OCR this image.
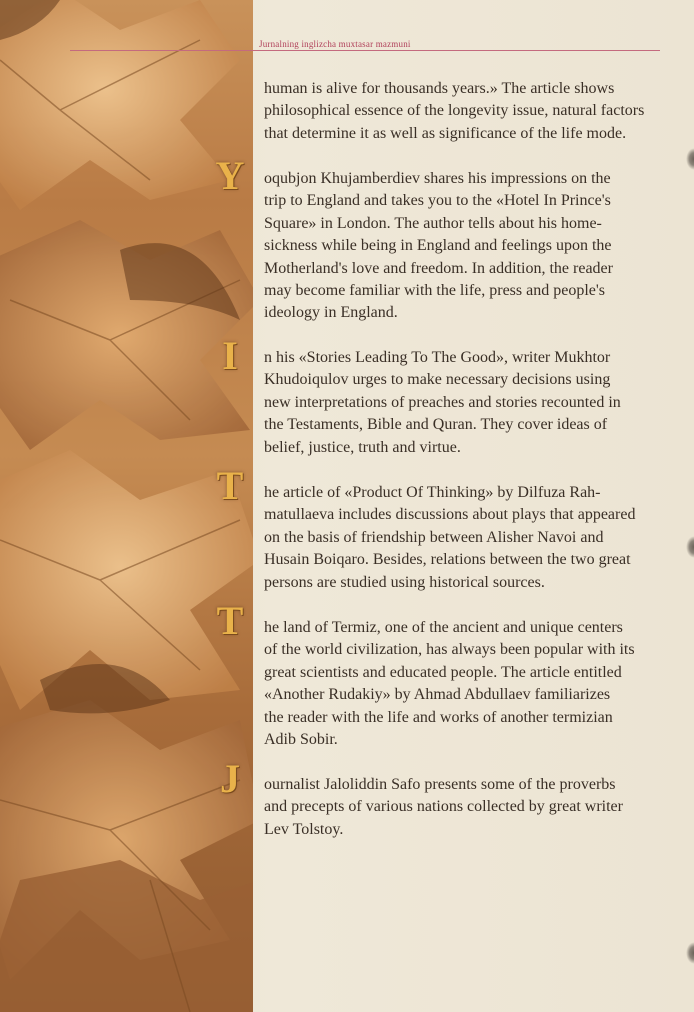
Jurnalning inglizcha muxtasar mazmuni
Y
I
T
T
J

human is alive for thousands years.» The article shows

philosophical essence of the longevity issue, natural factors

that determine it as well as significance of the life mode.

oqubjon Khujamberdiev shares his impressions on the

trip to England and takes you to the «Hotel In Prince's

Square» in London. The author tells about his home-

sickness while being in England and feelings upon the

Motherland's love and freedom. In addition, the reader

may become familiar with the life, press and people's

ideology in England.

n his «Stories Leading To The Good», writer Mukhtor

Khudoiqulov urges to make necessary decisions using

new interpretations of preaches and stories recounted in

the Testaments, Bible and Quran. They cover ideas of

belief, justice, truth and virtue.

he article of «Product Of Thinking» by Dilfuza Rah-

matullaeva includes discussions about plays that appeared

on the basis of friendship between Alisher Navoi and

Husain Boiqaro. Besides, relations between the two great

persons are studied using historical sources.

he land of Termiz, one of the ancient and unique centers

of the world civilization, has always been popular with its

great scientists and educated people. The article entitled

«Another Rudakiy» by Ahmad Abdullaev familiarizes

the reader with the life and works of another termizian

Adib Sobir.

ournalist Jaloliddin Safo presents some of the proverbs

and precepts of various nations collected by great writer

Lev Tolstoy.
